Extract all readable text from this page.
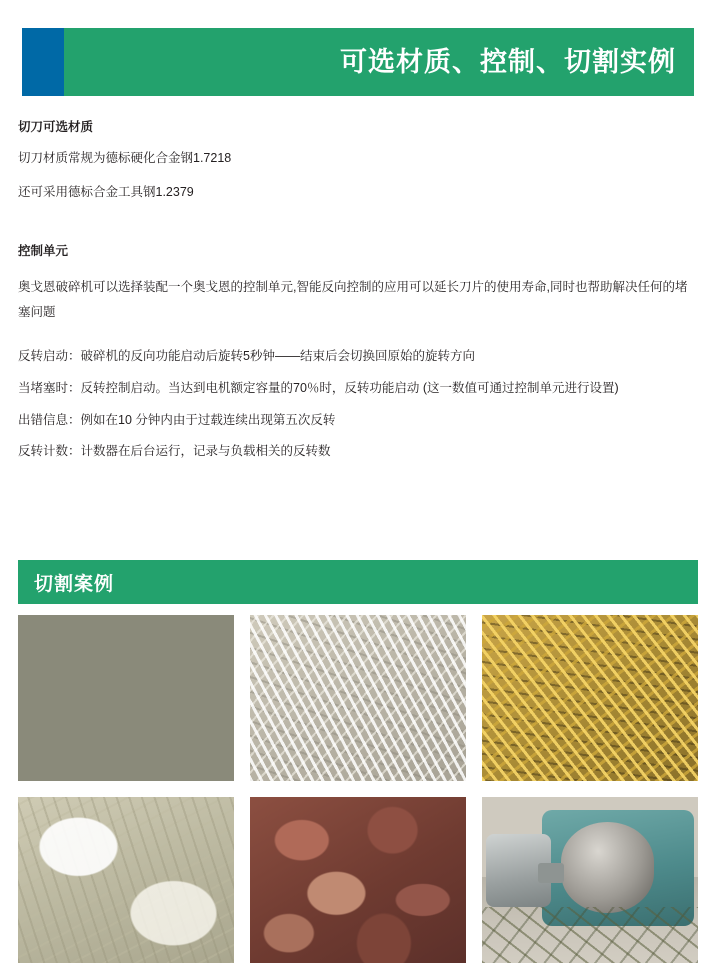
可选材质、控制、切割实例
切刀可选材质
切刀材质常规为德标硬化合金钢1.7218
还可采用德标合金工具钢1.2379
控制单元
奥戈恩破碎机可以选择装配一个奥戈恩的控制单元,智能反向控制的应用可以延长刀片的使用寿命,同时也帮助解决任何的堵塞问题
反转启动：破碎机的反向功能启动后旋转5秒钟——结束后会切换回原始的旋转方向
当堵塞时：反转控制启动。当达到电机额定容量的70％时，反转功能启动 (这一数值可通过控制单元进行设置)
出错信息：例如在10 分钟内由于过载连续出现第五次反转
反转计数：计数器在后台运行，记录与负载相关的反转数
切割案例
